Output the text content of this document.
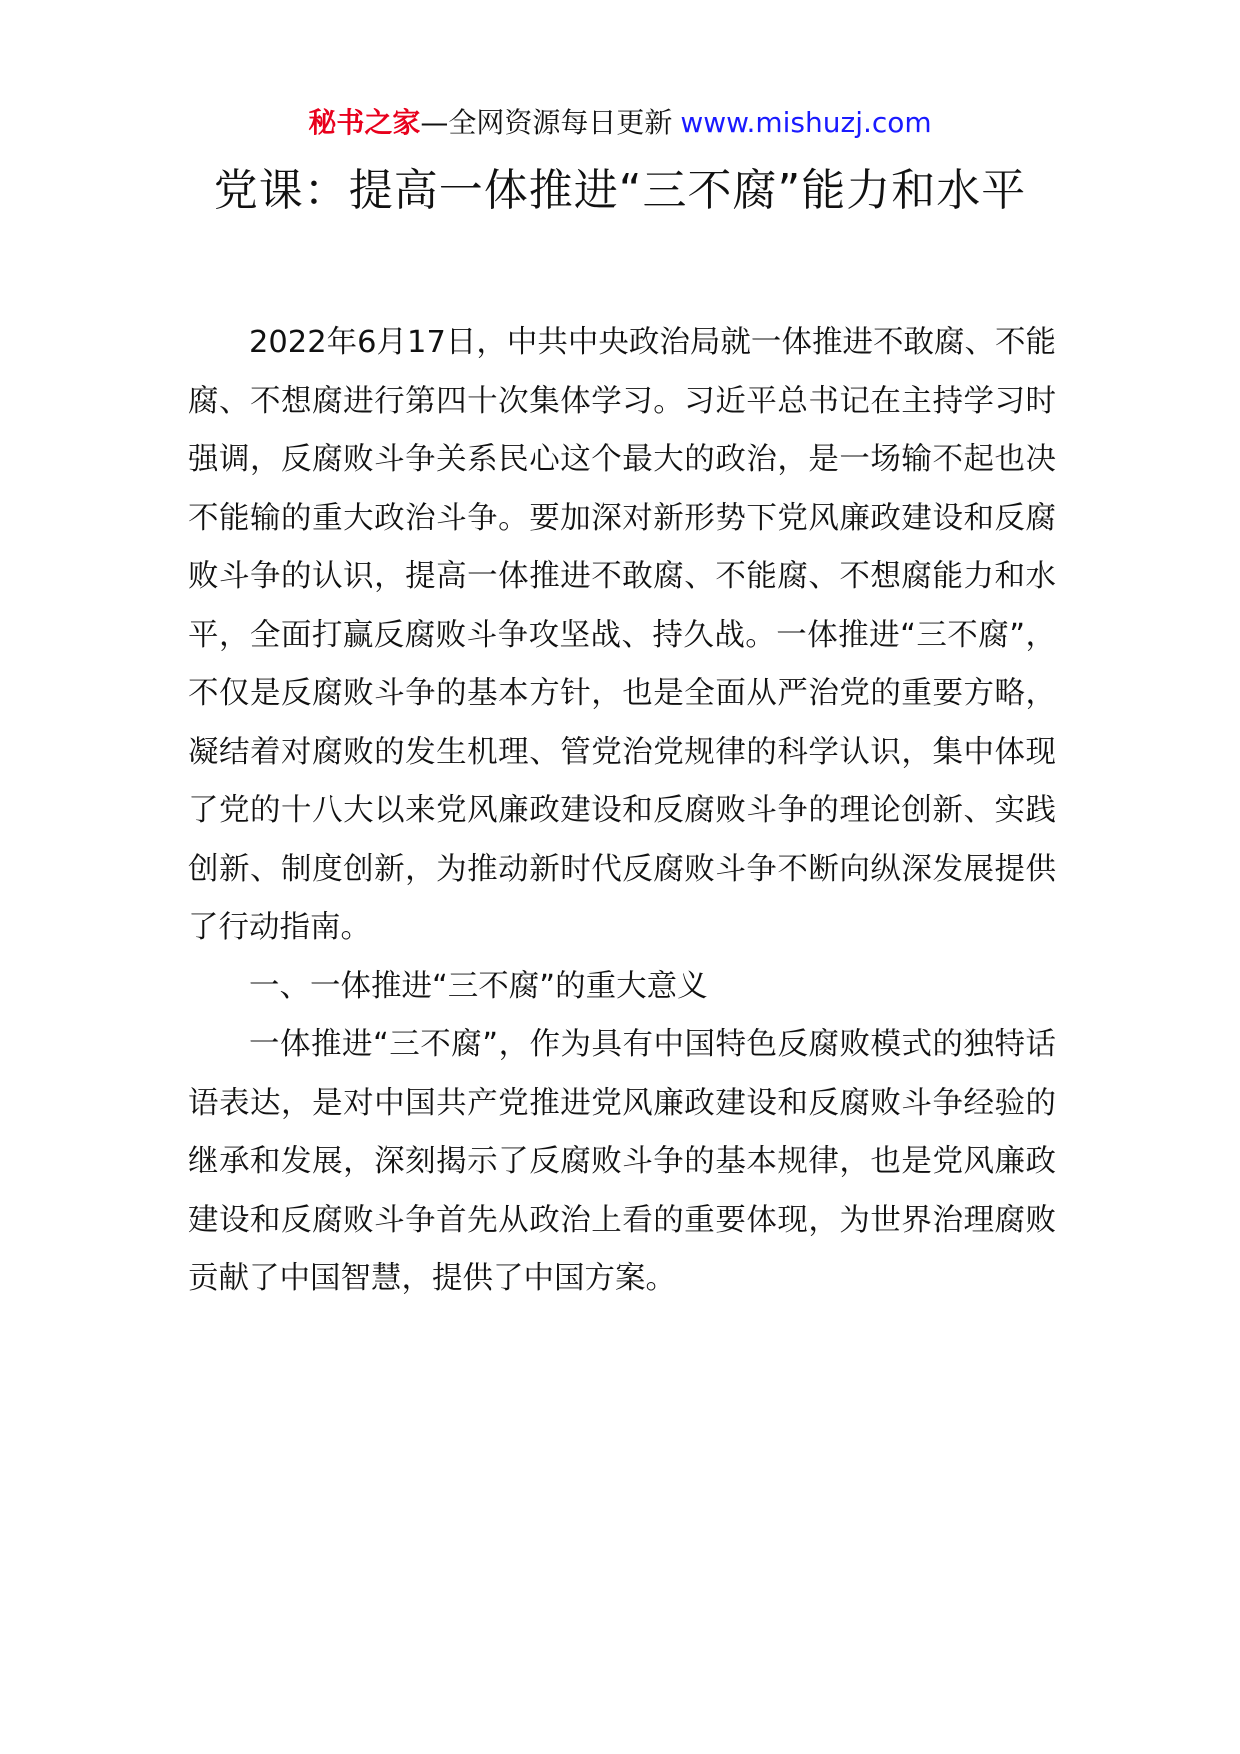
秘书之家—全网资源每日更新 www.mishuzj.com
党课：提高一体推进“三不腐”能力和水平

2022年6月17日，中共中央政治局就一体推进不敢腐、不能腐、不想腐进行第四十次集体学习。习近平总书记在主持学习时强调，反腐败斗争关系民心这个最大的政治，是一场输不起也决不能输的重大政治斗争。要加深对新形势下党风廉政建设和反腐败斗争的认识，提高一体推进不敢腐、不能腐、不想腐能力和水平，全面打赢反腐败斗争攻坚战、持久战。一体推进“三不腐”，不仅是反腐败斗争的基本方针，也是全面从严治党的重要方略，凝结着对腐败的发生机理、管党治党规律的科学认识，集中体现了党的十八大以来党风廉政建设和反腐败斗争的理论创新、实践创新、制度创新，为推动新时代反腐败斗争不断向纵深发展提供了行动指南。

一、一体推进“三不腐”的重大意义

一体推进“三不腐”，作为具有中国特色反腐败模式的独特话语表达，是对中国共产党推进党风廉政建设和反腐败斗争经验的继承和发展，深刻揭示了反腐败斗争的基本规律，也是党风廉政建设和反腐败斗争首先从政治上看的重要体现，为世界治理腐败贡献了中国智慧，提供了中国方案。
